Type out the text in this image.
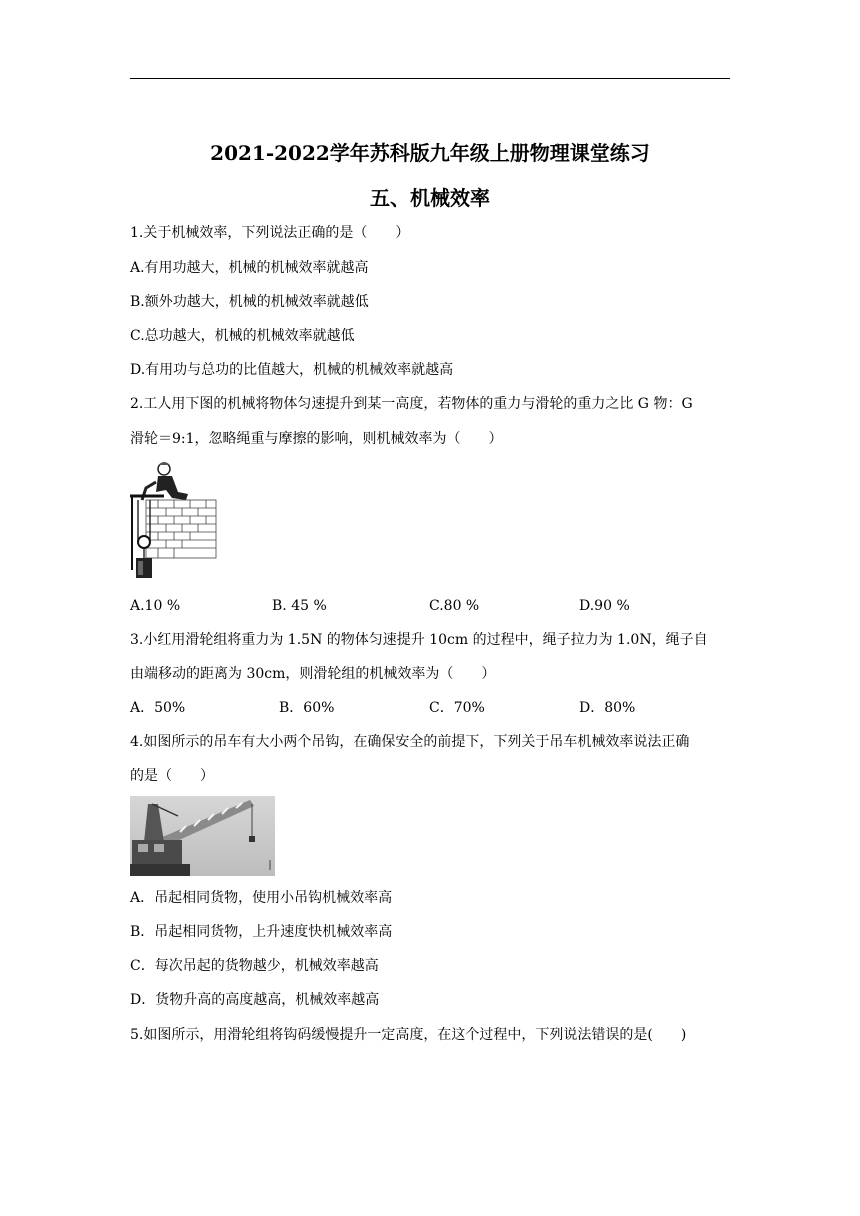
2021-2022学年苏科版九年级上册物理课堂练习
五、机械效率
1.关于机械效率，下列说法正确的是（　　）
A.有用功越大，机械的机械效率就越高
B.额外功越大，机械的机械效率就越低
C.总功越大，机械的机械效率就越低
D.有用功与总功的比值越大，机械的机械效率就越高
2.工人用下图的机械将物体匀速提升到某一高度，若物体的重力与滑轮的重力之比 G 物：G
滑轮＝9:1，忽略绳重与摩擦的影响，则机械效率为（　　）
A.10 %	B. 45 %	C.80 %	D.90 %
3.小红用滑轮组将重力为 1.5N 的物体匀速提升 10cm 的过程中，绳子拉力为 1.0N，绳子自
由端移动的距离为 30cm，则滑轮组的机械效率为（　　）
A．50%	B．60%	C．70%	D．80%
4.如图所示的吊车有大小两个吊钩，在确保安全的前提下，下列关于吊车机械效率说法正确
的是（　　）
A．吊起相同货物，使用小吊钩机械效率高
B．吊起相同货物，上升速度快机械效率高
C．每次吊起的货物越少，机械效率越高
D．货物升高的高度越高，机械效率越高
5.如图所示，用滑轮组将钩码缓慢提升一定高度，在这个过程中，下列说法错误的是(　　)
